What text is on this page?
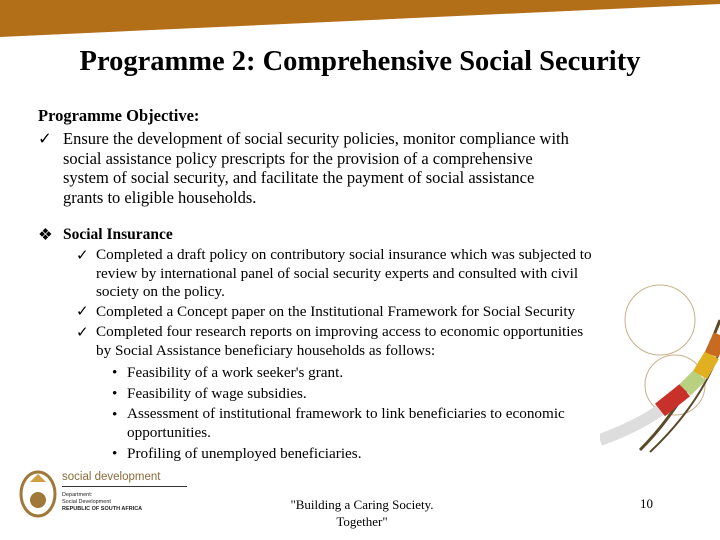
Programme 2: Comprehensive Social Security
Programme Objective:
✓ Ensure the development of social security policies, monitor compliance with
social assistance policy prescripts for the provision of a comprehensive
system of social security, and facilitate the payment of social assistance
grants to eligible households.
❖ Social Insurance
✓ Completed a draft policy on contributory social insurance which was subjected to
review by international panel of social security experts and consulted with civil
society on the policy.
✓ Completed a Concept paper on the Institutional Framework for Social Security
✓ Completed four research reports on improving access to economic opportunities
by Social Assistance beneficiary households as follows:
• Feasibility of a work seeker's grant.
• Feasibility of wage subsidies.
• Assessment of institutional framework to link beneficiaries to economic
opportunities.
• Profiling of unemployed beneficiaries.
social development
Department:
Social Development
REPUBLIC OF SOUTH AFRICA	"Building a Caring Society.
Together"
10
